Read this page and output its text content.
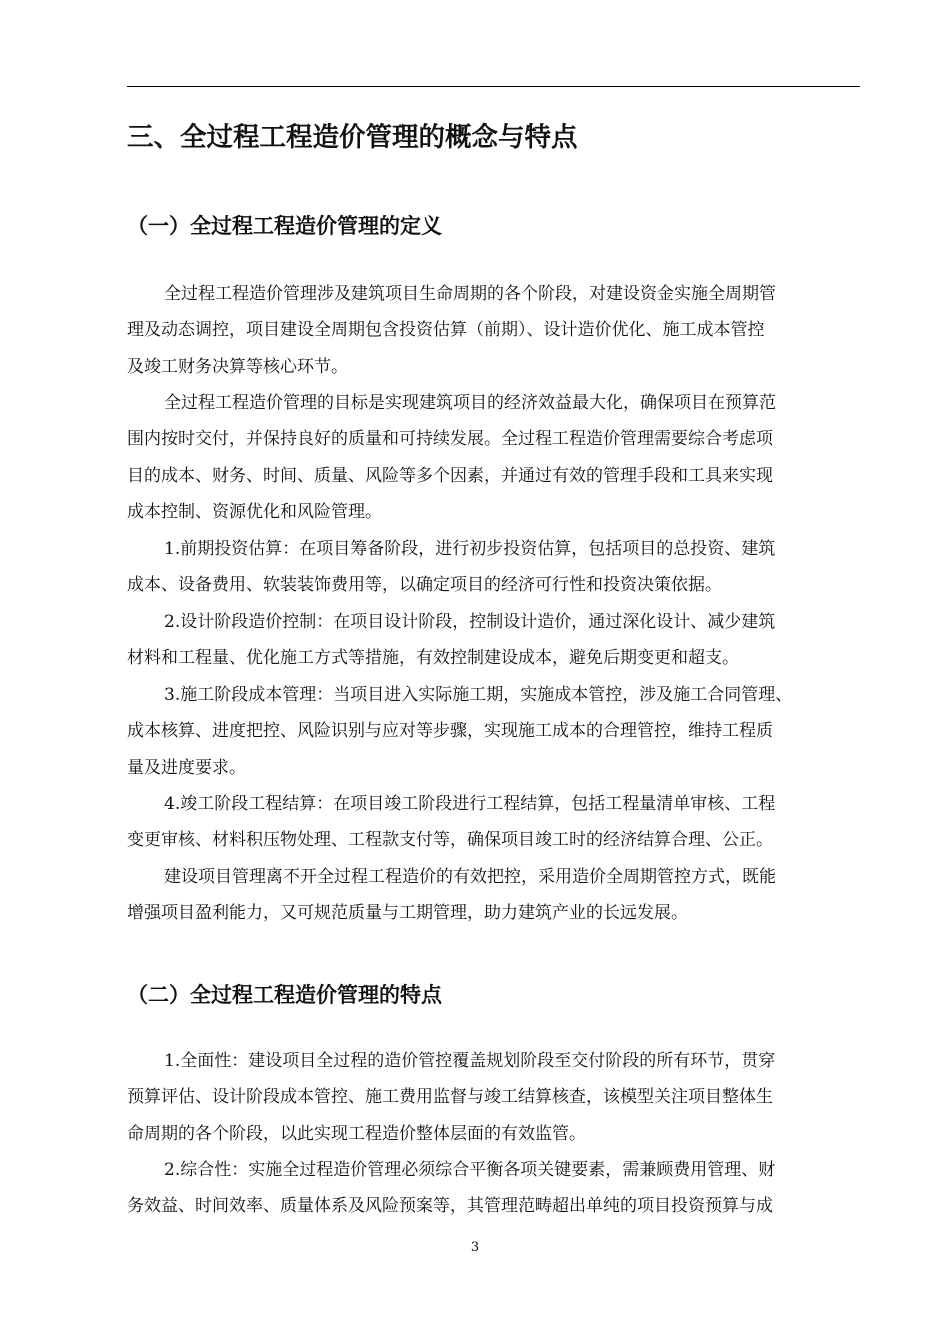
三、全过程工程造价管理的概念与特点
（一）全过程工程造价管理的定义
全过程工程造价管理涉及建筑项目生命周期的各个阶段，对建设资金实施全周期管
理及动态调控，项目建设全周期包含投资估算（前期）、设计造价优化、施工成本管控
及竣工财务决算等核心环节。
全过程工程造价管理的目标是实现建筑项目的经济效益最大化，确保项目在预算范
围内按时交付，并保持良好的质量和可持续发展。全过程工程造价管理需要综合考虑项
目的成本、财务、时间、质量、风险等多个因素，并通过有效的管理手段和工具来实现
成本控制、资源优化和风险管理。
1.前期投资估算：在项目筹备阶段，进行初步投资估算，包括项目的总投资、建筑
成本、设备费用、软装装饰费用等，以确定项目的经济可行性和投资决策依据。
2.设计阶段造价控制：在项目设计阶段，控制设计造价，通过深化设计、减少建筑
材料和工程量、优化施工方式等措施，有效控制建设成本，避免后期变更和超支。
3.施工阶段成本管理：当项目进入实际施工期，实施成本管控，涉及施工合同管理、
成本核算、进度把控、风险识别与应对等步骤，实现施工成本的合理管控，维持工程质
量及进度要求。
4.竣工阶段工程结算：在项目竣工阶段进行工程结算，包括工程量清单审核、工程
变更审核、材料积压物处理、工程款支付等，确保项目竣工时的经济结算合理、公正。
建设项目管理离不开全过程工程造价的有效把控，采用造价全周期管控方式，既能
增强项目盈利能力，又可规范质量与工期管理，助力建筑产业的长远发展。
（二）全过程工程造价管理的特点
1.全面性：建设项目全过程的造价管控覆盖规划阶段至交付阶段的所有环节，贯穿
预算评估、设计阶段成本管控、施工费用监督与竣工结算核查，该模型关注项目整体生
命周期的各个阶段，以此实现工程造价整体层面的有效监管。
2.综合性：实施全过程造价管理必须综合平衡各项关键要素，需兼顾费用管理、财
务效益、时间效率、质量体系及风险预案等，其管理范畴超出单纯的项目投资预算与成
3
